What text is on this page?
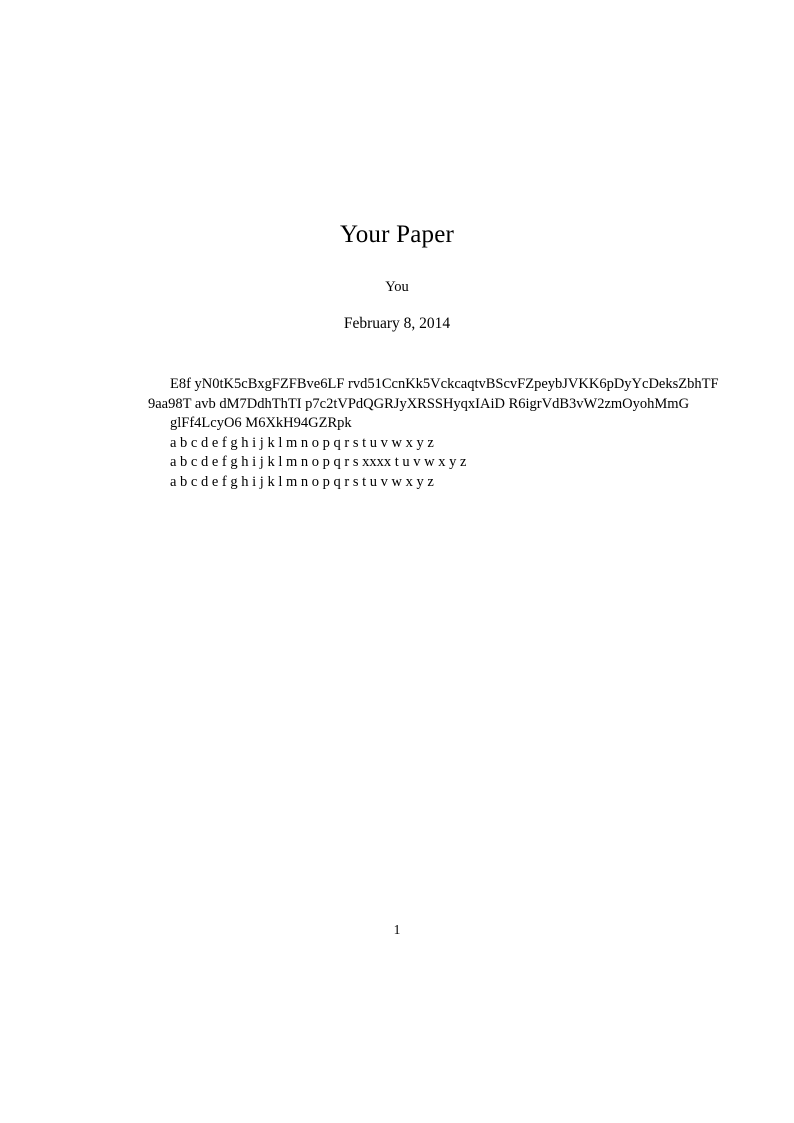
Your Paper
You
February 8, 2014
E8f yN0tK5cBxgFZFBve6LF rvd51CcnKk5VckcaqtvBScvFZpeybJVKK6pDyYcDeksZbhTF
9aa98T avb dM7DdhThTI p7c2tVPdQGRJyXRSSHyqxIAiD R6igrVdB3vW2zmOyohMmG
glFf4LcyO6 M6XkH94GZRpk
a b c d e f g h i j k l m n o p q r s t u v w x y z
a b c d e f g h i j k l m n o p q r s xxxx t u v w x y z
a b c d e f g h i j k l m n o p q r s t u v w x y z
1
